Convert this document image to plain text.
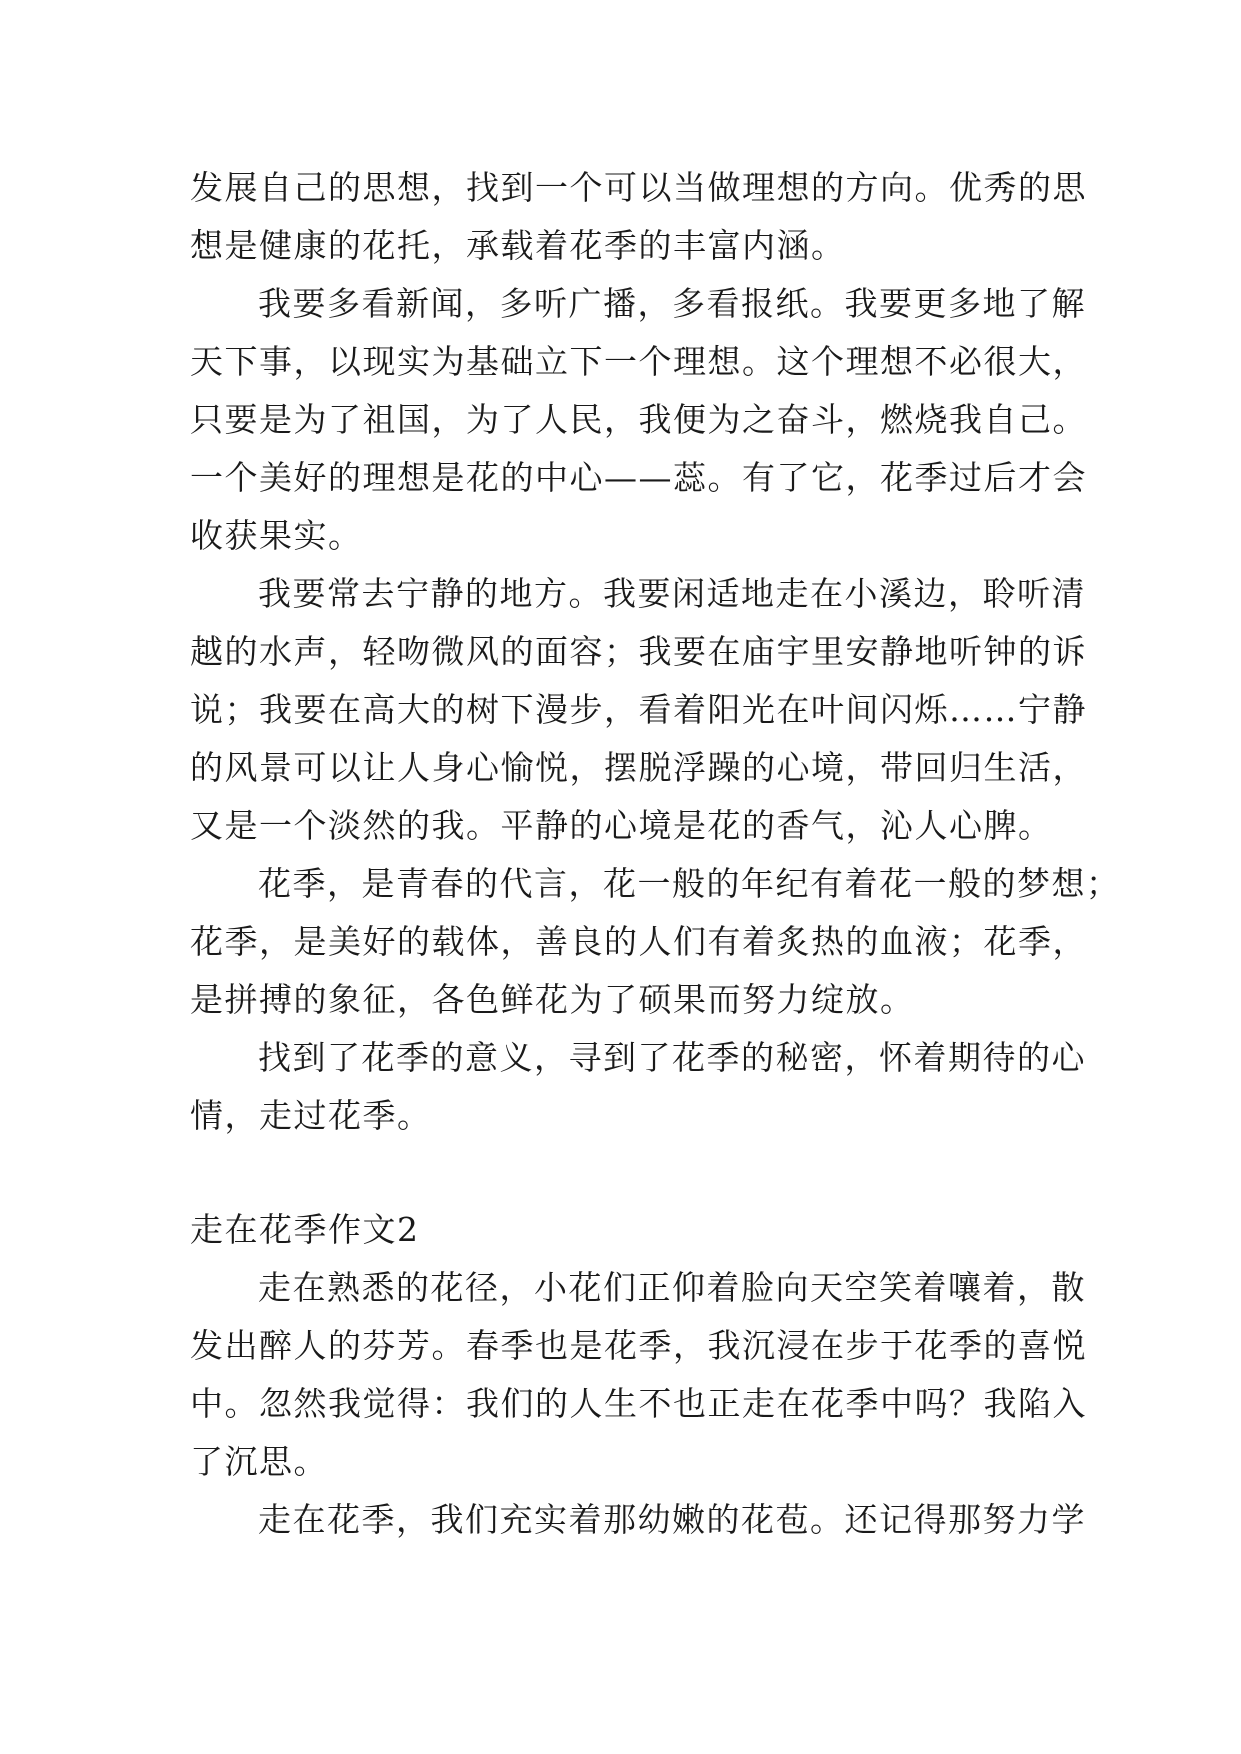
发展自己的思想，找到一个可以当做理想的方向。优秀的思
想是健康的花托，承载着花季的丰富内涵。
我要多看新闻，多听广播，多看报纸。我要更多地了解
天下事，以现实为基础立下一个理想。这个理想不必很大，
只要是为了祖国，为了人民，我便为之奋斗，燃烧我自己。
一个美好的理想是花的中心——蕊。有了它，花季过后才会
收获果实。
我要常去宁静的地方。我要闲适地走在小溪边，聆听清
越的水声，轻吻微风的面容；我要在庙宇里安静地听钟的诉
说；我要在高大的树下漫步，看着阳光在叶间闪烁……宁静
的风景可以让人身心愉悦，摆脱浮躁的心境，带回归生活，
又是一个淡然的我。平静的心境是花的香气，沁人心脾。
花季，是青春的代言，花一般的年纪有着花一般的梦想；
花季，是美好的载体，善良的人们有着炙热的血液；花季，
是拼搏的象征，各色鲜花为了硕果而努力绽放。
找到了花季的意义，寻到了花季的秘密，怀着期待的心
情，走过花季。
走在花季作文2
走在熟悉的花径，小花们正仰着脸向天空笑着嚷着，散
发出醉人的芬芳。春季也是花季，我沉浸在步于花季的喜悦
中。忽然我觉得：我们的人生不也正走在花季中吗？我陷入
了沉思。
走在花季，我们充实着那幼嫩的花苞。还记得那努力学
